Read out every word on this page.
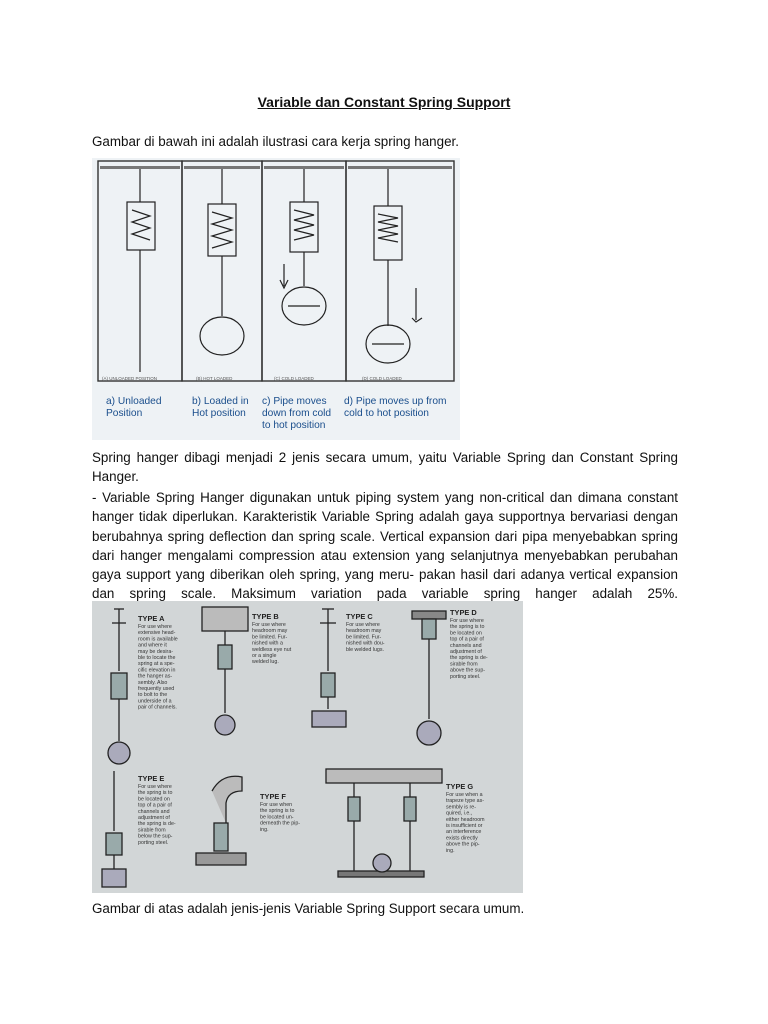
Variable dan Constant Spring Support

Gambar di bawah ini adalah ilustrasi cara kerja spring hanger.

(A) UNLOADED POSITION	(B) HOT LOADED	(C) COLD LOADED	(D) COLD LOADED
a) Unloaded
Position
b) Loaded in
Hot position
c) Pipe moves
down from cold
to hot position
d) Pipe moves up from
cold to hot position

Spring hanger dibagi menjadi 2 jenis secara umum, yaitu Variable Spring dan Constant Spring Hanger.

- Variable Spring Hanger digunakan untuk piping system yang non-critical dan dimana constant hanger tidak diperlukan. Karakteristik Variable Spring adalah gaya supportnya bervariasi dengan berubahnya spring deflection dan spring scale. Vertical expansion dari pipa menyebabkan spring dari hanger mengalami compression atau extension yang selanjutnya menyebabkan perubahan gaya support yang diberikan oleh spring, yang meru- pakan hasil dari adanya vertical expansion dan spring scale. Maksimum variation pada variable spring hanger adalah 25%.

TYPE A
For use where
extensive head-
room is available
and where it
may be desira-
ble to locate the
spring at a spe-
cific elevation in
the hanger as-
sembly. Also
frequently used
to bolt to the
underside of a
pair of channels.
TYPE B
For use where
headroom may
be limited. Fur-
nished with a
weldless eye nut
or a single
welded lug.
TYPE C
For use where
headroom may
be limited. Fur-
nished with dou-
ble welded lugs.
TYPE D
For use where
the spring is to
be located on
top of a pair of
channels and
adjustment of
the spring is de-
sirable from
above the sup-
porting steel.
TYPE E
For use where
the spring is to
be located on
top of a pair of
channels and
adjustment of
the spring is de-
sirable from
below the sup-
porting steel.
TYPE F
For use when
the spring is to
be located un-
derneath the pip-
ing.
TYPE G
For use when a
trapeze type as-
sembly is re-
quired, i.e.,
either headroom
is insufficient or
an interference
exists directly
above the pip-
ing.

Gambar di atas adalah jenis-jenis Variable Spring Support secara umum.
